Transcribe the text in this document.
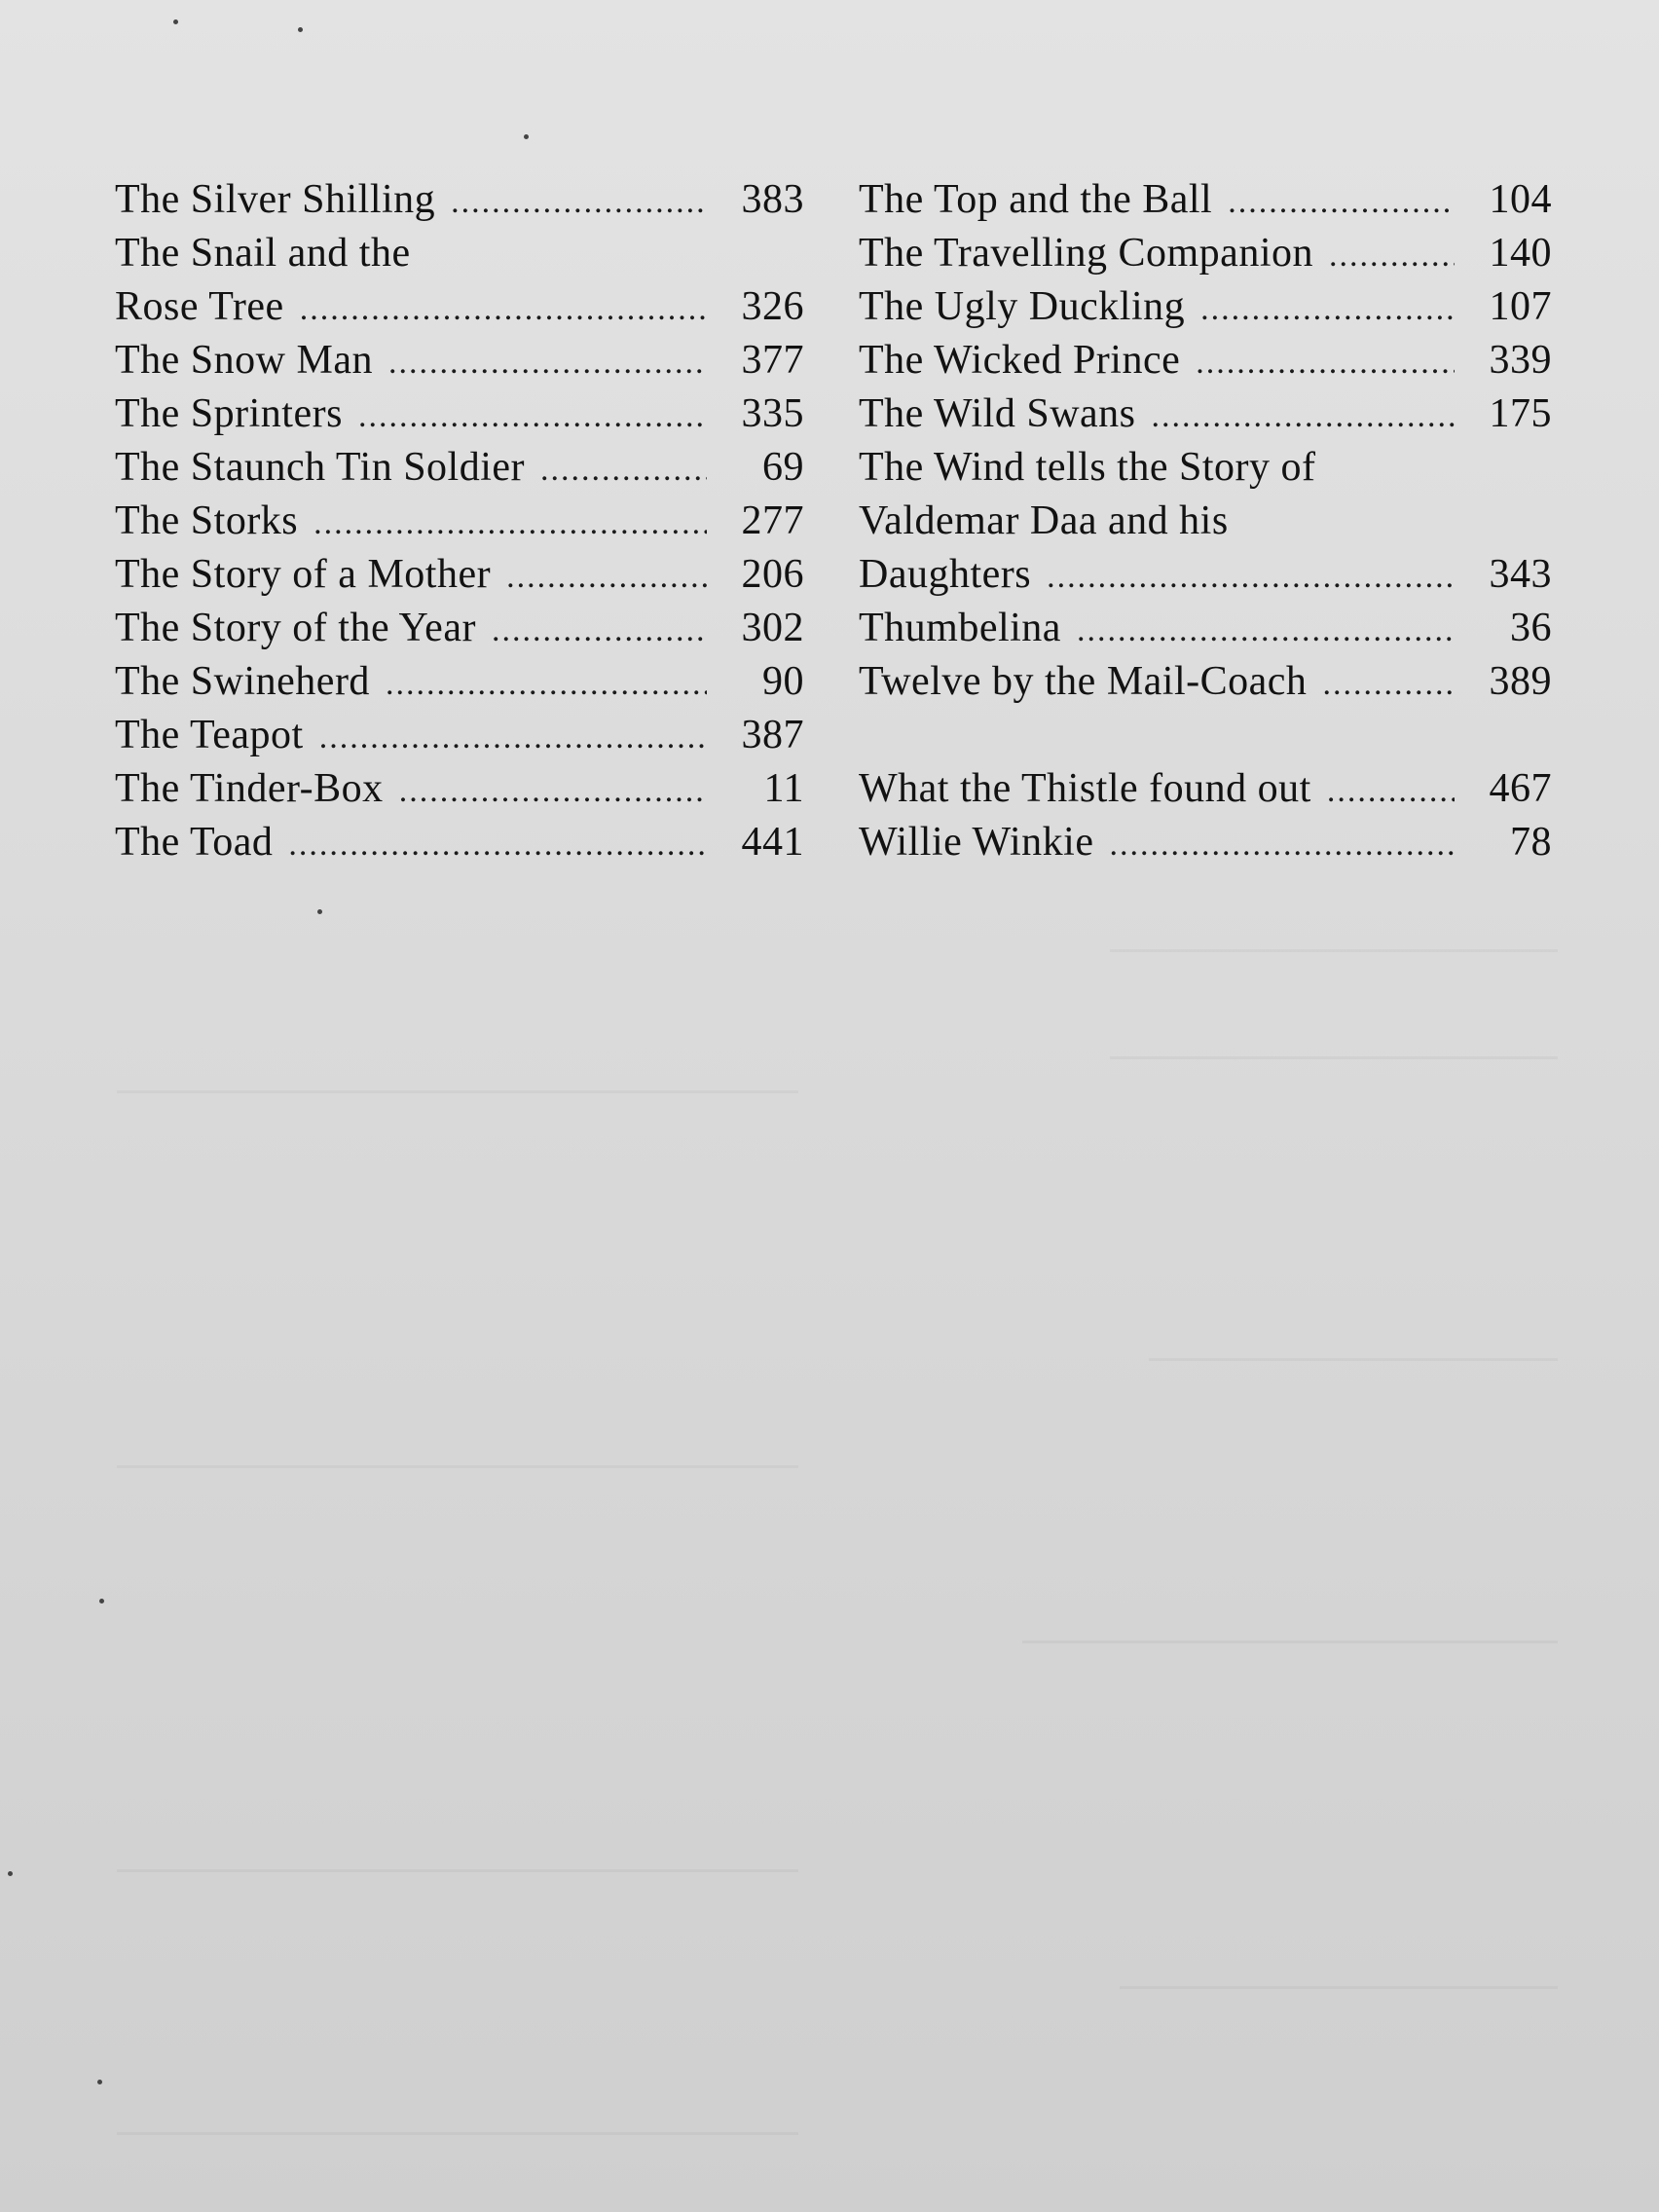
The Silver Shilling .....	383
The Snail and the
Rose Tree .....	326
The Snow Man .....	377
The Sprinters .....	335
The Staunch Tin Soldier .....	69
The Storks .....	277
The Story of a Mother .....	206
The Story of the Year .....	302
The Swineherd .....	90
The Teapot .....	387
The Tinder-Box .....	11
The Toad .....	441
The Top and the Ball .....	104
The Travelling Companion .....	140
The Ugly Duckling .....	107
The Wicked Prince .....	339
The Wild Swans .....	175
The Wind tells the Story of
Valdemar Daa and his
Daughters .....	343
Thumbelina .....	36
Twelve by the Mail-Coach .....	389
What the Thistle found out .....	467
Willie Winkie .....	78
